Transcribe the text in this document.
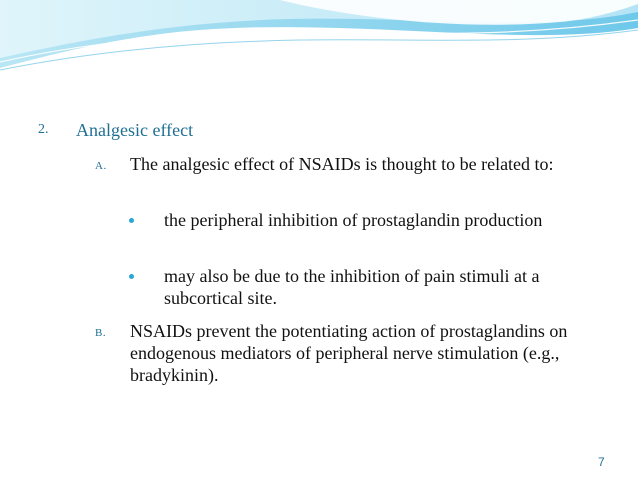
2. Analgesic effect
A. The analgesic effect of NSAIDs is thought to be related to:
the peripheral inhibition of prostaglandin production
may also be due to the inhibition of pain stimuli at a subcortical site.
B. NSAIDs prevent the potentiating action of prostaglandins on endogenous mediators of peripheral nerve stimulation (e.g., bradykinin).
7
